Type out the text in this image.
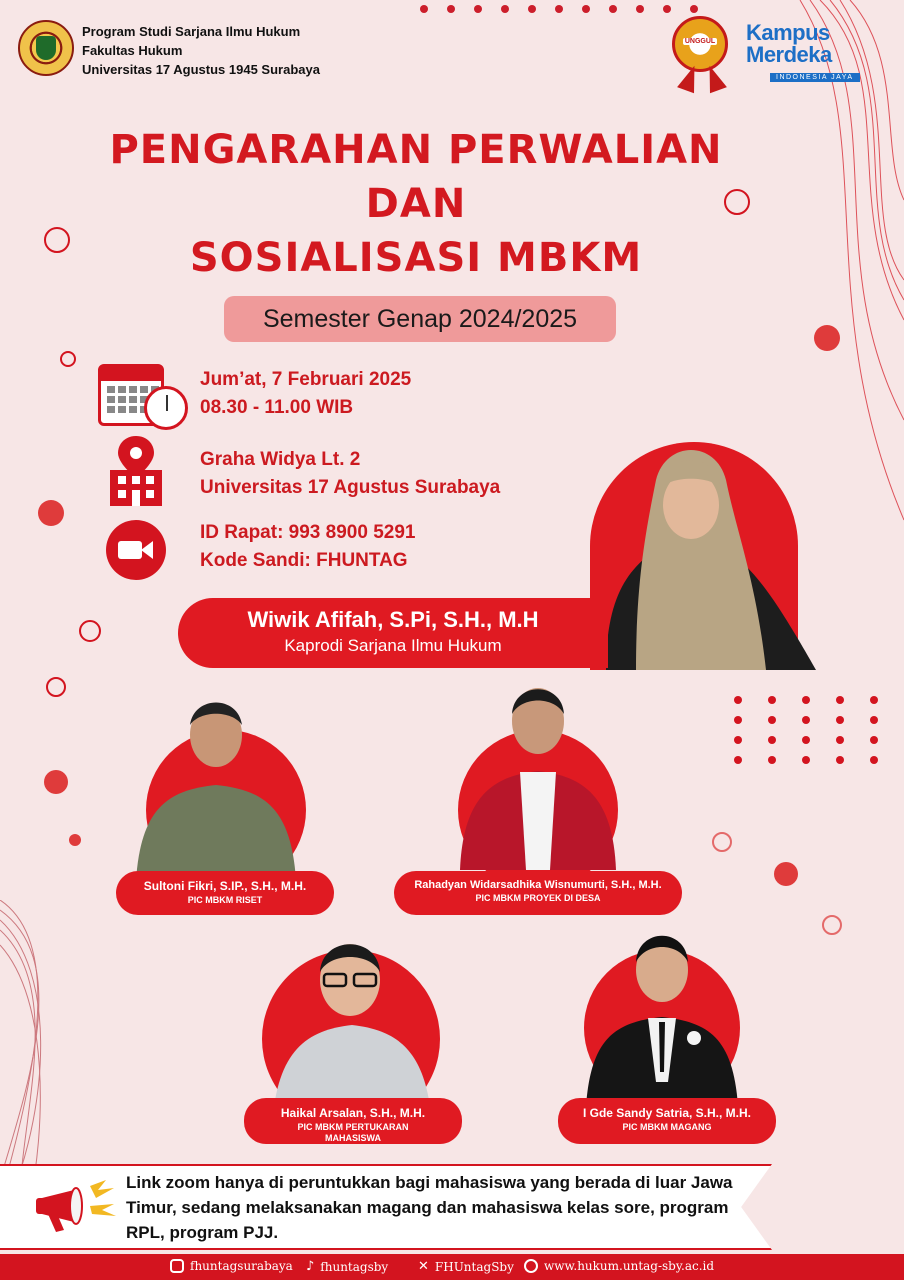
Program Studi Sarjana Ilmu Hukum
Fakultas Hukum
Universitas 17 Agustus 1945 Surabaya
UNGGUL Kampus
Merdeka
INDONESIA JAYA
PENGARAHAN PERWALIAN
DAN
SOSIALISASI MBKM
Semester Genap 2024/2025
Jum’at, 7 Februari 2025
08.30 - 11.00 WIB
Graha Widya Lt. 2
Universitas 17 Agustus Surabaya
ID Rapat: 993 8900 5291
Kode Sandi: FHUNTAG
Wiwik Afifah, S.Pi, S.H., M.H
Kaprodi Sarjana Ilmu Hukum
Sultoni Fikri, S.IP., S.H., M.H.
PIC MBKM RISET
Rahadyan Widarsadhika Wisnumurti, S.H., M.H.
PIC MBKM PROYEK DI DESA
Haikal Arsalan, S.H., M.H.
PIC MBKM PERTUKARAN MAHASISWA
I Gde Sandy Satria, S.H., M.H.
PIC MBKM MAGANG
Link zoom hanya di peruntukkan bagi mahasiswa yang berada di luar Jawa Timur, sedang melaksanakan magang dan mahasiswa kelas sore, program RPL, program PJJ.
fhuntagsurabaya ♪ fhuntagsby ✕ FHUntagSby	www.hukum.untag-sby.ac.id
